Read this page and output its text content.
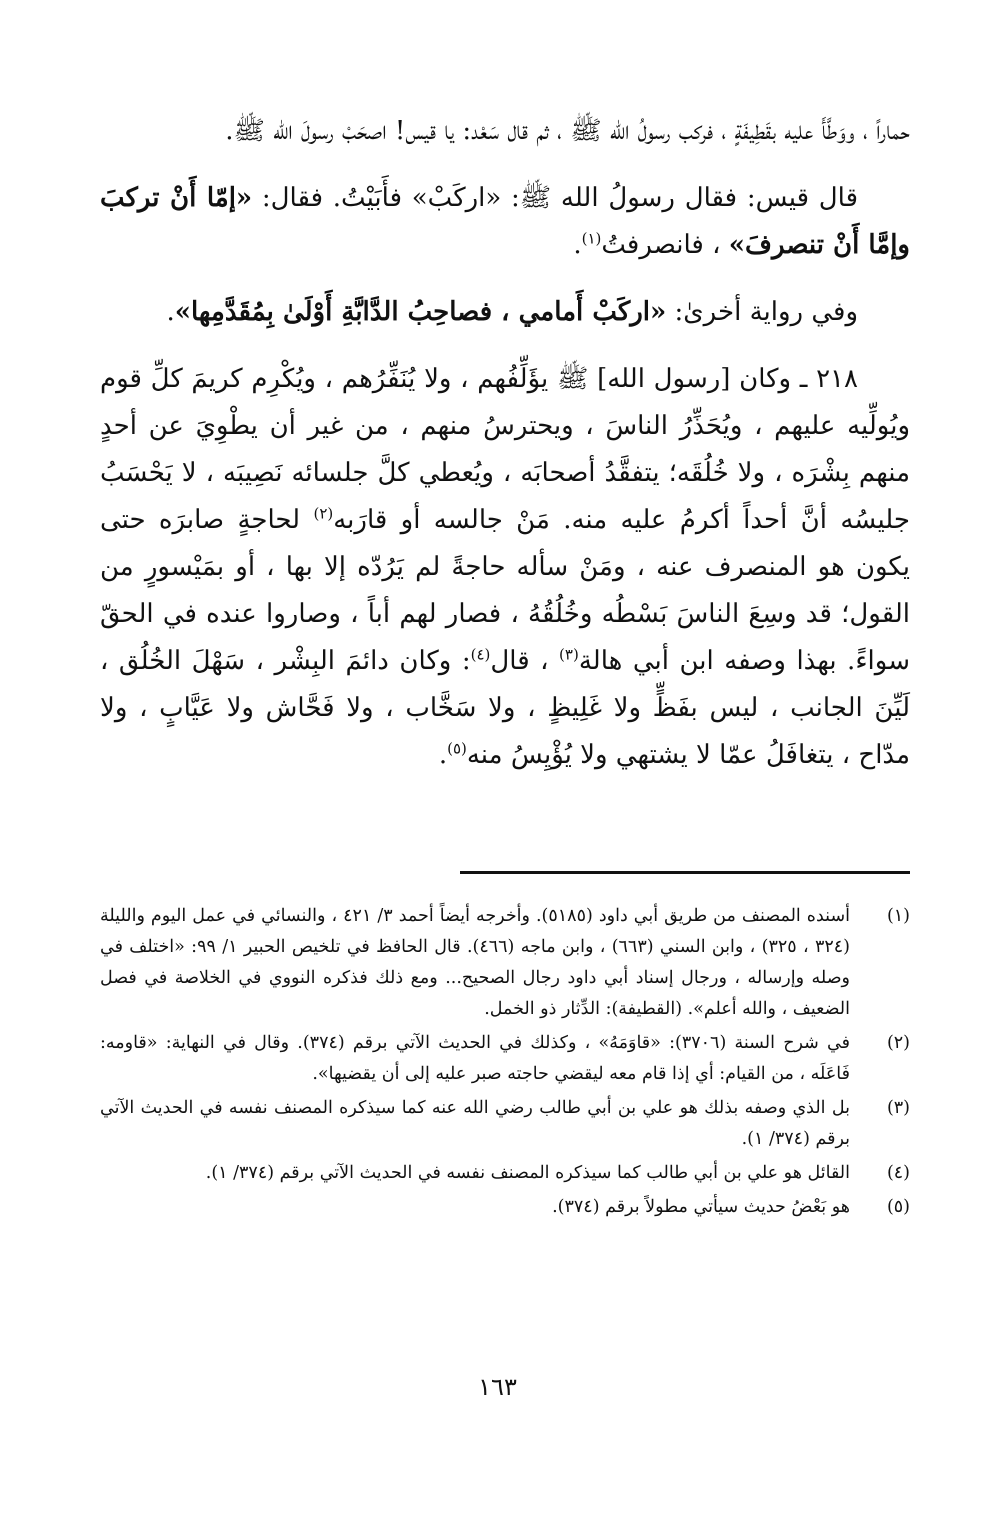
حماراً ، ووَطَّأَ عليه بقَطِيفَةٍ ، فركب رسولُ الله ﷺ ، ثم قال سَعْد: يا قيس! اصحَبْ رسولَ الله ﷺ.

قال قيس: فقال رسولُ الله ﷺ: «اركَبْ» فأَبَيْتُ. فقال: «إمّا أَنْ تركبَ وإمَّا أَنْ تنصرفَ» ، فانصرفتُ$^{(١)}$.

وفي رواية أخرىٰ: «اركَبْ أَمامي ، فصاحِبُ الدَّابَّةِ أَوْلَىٰ بِمُقَدَّمِها».

٢١٨ ـ وكان [رسول الله] ﷺ يؤَلِّفُهم ، ولا يُنَفِّرُهم ، ويُكْرِم كريمَ كلِّ قوم ويُولِّيه عليهم ، ويُحَذِّرُ الناسَ ، ويحترسُ منهم ، من غير أن يطْوِيَ عن أحدٍ منهم بِشْرَه ، ولا خُلُقَه؛ يتفقَّدُ أصحابَه ، ويُعطي كلَّ جلسائه نَصِيبَه ، لا يَحْسَبُ جليسُه أنَّ أحداً أكرمُ عليه منه. مَنْ جالسه أو قارَبه$^{(٢)}$ لحاجةٍ صابرَه حتى يكون هو المنصرف عنه ، ومَنْ سأله حاجةً لم يَرُدّه إلا بها ، أو بمَيْسورٍ من القول؛ قد وسِعَ الناسَ بَسْطُه وخُلُقُهُ ، فصار لهم أباً ، وصاروا عنده في الحقّ سواءً. بهذا وصفه ابن أبي هالة$^{(٣)}$ ، قال$^{(٤)}$: وكان دائمَ البِشْر ، سَهْلَ الخُلُق ، لَيِّنَ الجانب ، ليس بفَظٍّ ولا غَلِيظٍ ، ولا سَخَّاب ، ولا فَحَّاش ولا عَيَّابٍ ، ولا مدّاح ، يتغافَلُ عمّا لا يشتهي ولا يُؤْيِسُ منه$^{(٥)}$.

(١)
أسنده المصنف من طريق أبي داود (٥١٨٥). وأخرجه أيضاً أحمد ٣/ ٤٢١ ، والنسائي في عمل اليوم والليلة (٣٢٤ ، ٣٢٥) ، وابن السني (٦٦٣) ، وابن ماجه (٤٦٦). قال الحافظ في تلخيص الحبير ١/ ٩٩: «اختلف في وصله وإرساله ، ورجال إسناد أبي داود رجال الصحيح... ومع ذلك فذكره النووي في الخلاصة في فصل الضعيف ، والله أعلم». (القطيفة): الدِّثار ذو الخمل.
(٢)
في شرح السنة (٣٧٠٦): «قاوَمَهُ» ، وكذلك في الحديث الآتي برقم (٣٧٤). وقال في النهاية: «قاومه: فَاعَلَه ، من القيام: أي إذا قام معه ليقضي حاجته صبر عليه إلى أن يقضيها».
(٣)
بل الذي وصفه بذلك هو علي بن أبي طالب رضي الله عنه كما سيذكره المصنف نفسه في الحديث الآتي برقم (٣٧٤/ ١).
(٤)
القائل هو علي بن أبي طالب كما سيذكره المصنف نفسه في الحديث الآتي برقم (٣٧٤/ ١).
(٥)
هو بَعْضُ حديث سيأتي مطولاً برقم (٣٧٤).
١٦٣
